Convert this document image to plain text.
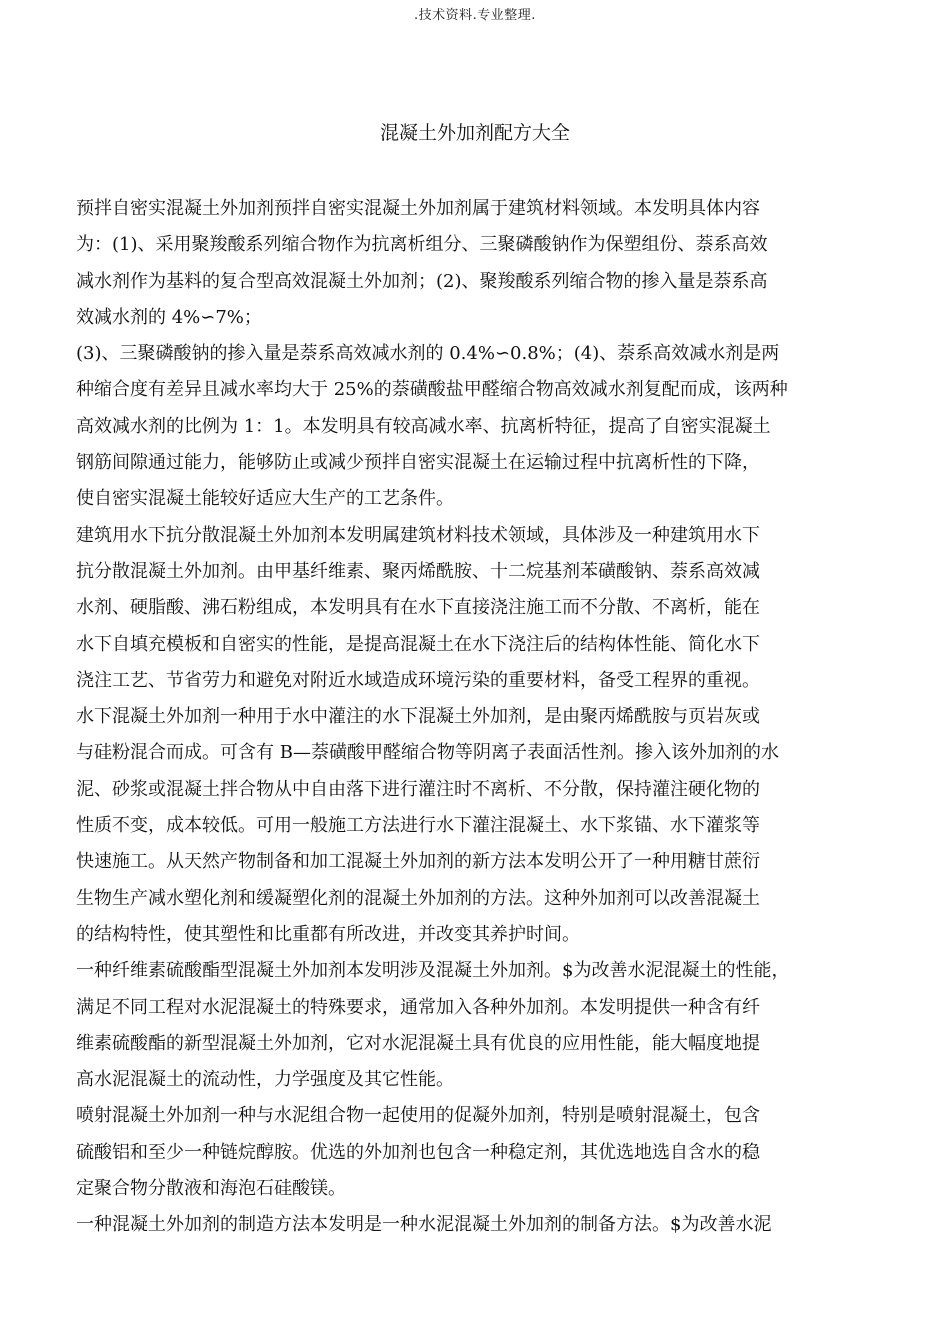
.技术资料.专业整理.
混凝土外加剂配方大全
预拌自密实混凝土外加剂预拌自密实混凝土外加剂属于建筑材料领域。本发明具体内容
为：(1)、采用聚羧酸系列缩合物作为抗离析组分、三聚磷酸钠作为保塑组份、萘系高效
减水剂作为基料的复合型高效混凝土外加剂；(2)、聚羧酸系列缩合物的掺入量是萘系高
效减水剂的 4%∽7%；
(3)、三聚磷酸钠的掺入量是萘系高效减水剂的 0.4%∽0.8%；(4)、萘系高效减水剂是两
种缩合度有差异且减水率均大于 25%的萘磺酸盐甲醛缩合物高效减水剂复配而成，该两种
高效减水剂的比例为 1：1。本发明具有较高减水率、抗离析特征，提高了自密实混凝土
钢筋间隙通过能力，能够防止或减少预拌自密实混凝土在运输过程中抗离析性的下降，
使自密实混凝土能较好适应大生产的工艺条件。
建筑用水下抗分散混凝土外加剂本发明属建筑材料技术领域，具体涉及一种建筑用水下
抗分散混凝土外加剂。由甲基纤维素、聚丙烯酰胺、十二烷基剂苯磺酸钠、萘系高效减
水剂、硬脂酸、沸石粉组成，本发明具有在水下直接浇注施工而不分散、不离析，能在
水下自填充模板和自密实的性能，是提高混凝土在水下浇注后的结构体性能、简化水下
浇注工艺、节省劳力和避免对附近水域造成环境污染的重要材料，备受工程界的重视。
水下混凝土外加剂一种用于水中灌注的水下混凝土外加剂，是由聚丙烯酰胺与页岩灰或
与硅粉混合而成。可含有 B—萘磺酸甲醛缩合物等阴离子表面活性剂。掺入该外加剂的水
泥、砂浆或混凝土拌合物从中自由落下进行灌注时不离析、不分散，保持灌注硬化物的
性质不变，成本较低。可用一般施工方法进行水下灌注混凝土、水下浆锚、水下灌浆等
快速施工。从天然产物制备和加工混凝土外加剂的新方法本发明公开了一种用糖甘蔗衍
生物生产减水塑化剂和缓凝塑化剂的混凝土外加剂的方法。这种外加剂可以改善混凝土
的结构特性，使其塑性和比重都有所改进，并改变其养护时间。
一种纤维素硫酸酯型混凝土外加剂本发明涉及混凝土外加剂。$为改善水泥混凝土的性能，
满足不同工程对水泥混凝土的特殊要求，通常加入各种外加剂。本发明提供一种含有纤
维素硫酸酯的新型混凝土外加剂，它对水泥混凝土具有优良的应用性能，能大幅度地提
高水泥混凝土的流动性，力学强度及其它性能。
喷射混凝土外加剂一种与水泥组合物一起使用的促凝外加剂，特别是喷射混凝土，包含
硫酸铝和至少一种链烷醇胺。优选的外加剂也包含一种稳定剂，其优选地选自含水的稳
定聚合物分散液和海泡石硅酸镁。
一种混凝土外加剂的制造方法本发明是一种水泥混凝土外加剂的制备方法。$为改善水泥
